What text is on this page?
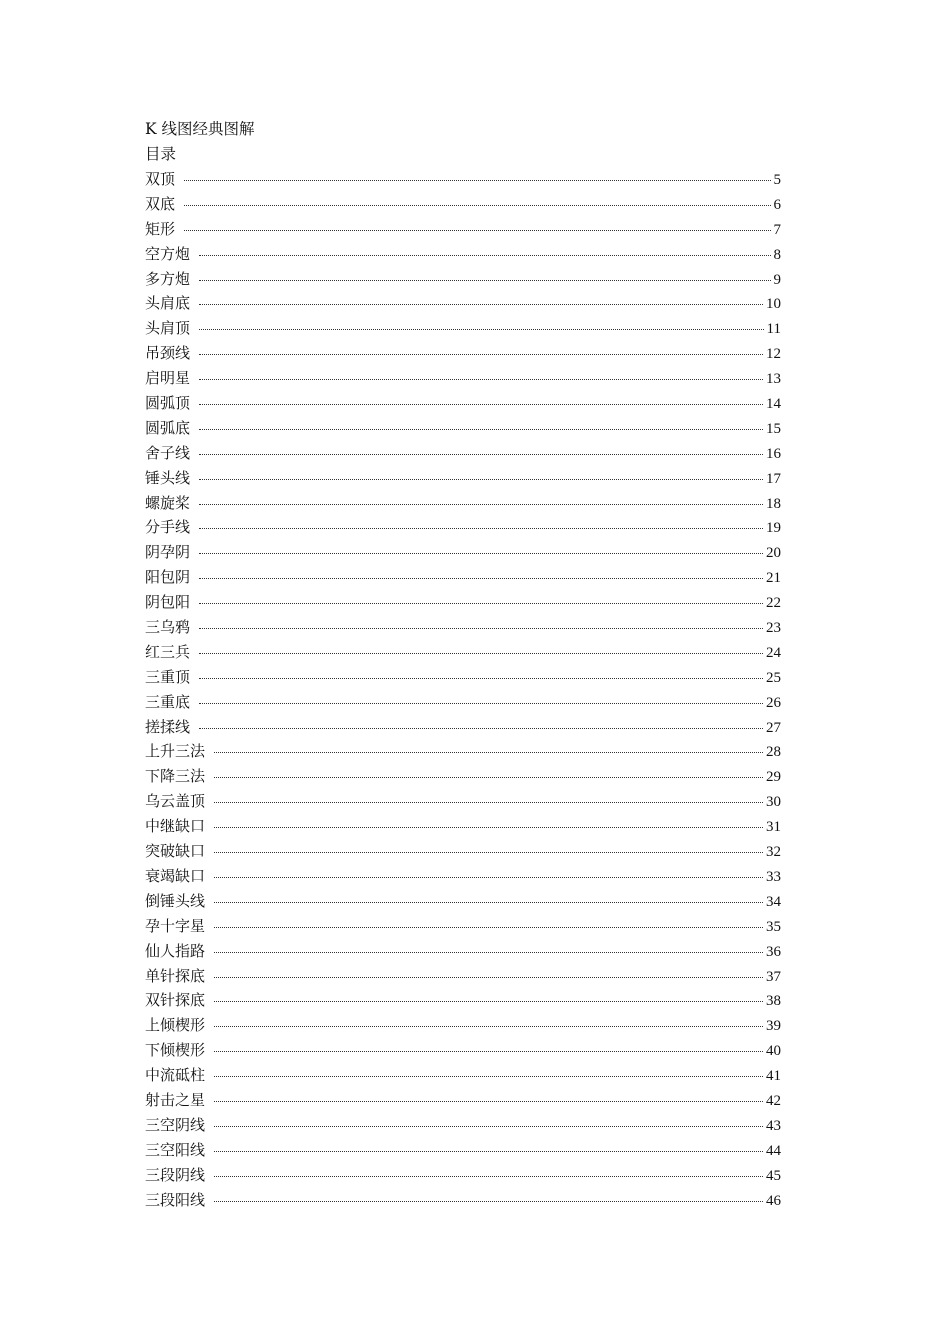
K 线图经典图解
目录
双顶	5
双底	6
矩形	7
空方炮	8
多方炮	9
头肩底	10
头肩顶	11
吊颈线	12
启明星	13
圆弧顶	14
圆弧底	15
舍子线	16
锤头线	17
螺旋桨	18
分手线	19
阴孕阴	20
阳包阴	21
阴包阳	22
三乌鸦	23
红三兵	24
三重顶	25
三重底	26
搓揉线	27
上升三法	28
下降三法	29
乌云盖顶	30
中继缺口	31
突破缺口	32
衰竭缺口	33
倒锤头线	34
孕十字星	35
仙人指路	36
单针探底	37
双针探底	38
上倾楔形	39
下倾楔形	40
中流砥柱	41
射击之星	42
三空阴线	43
三空阳线	44
三段阴线	45
三段阳线	46
